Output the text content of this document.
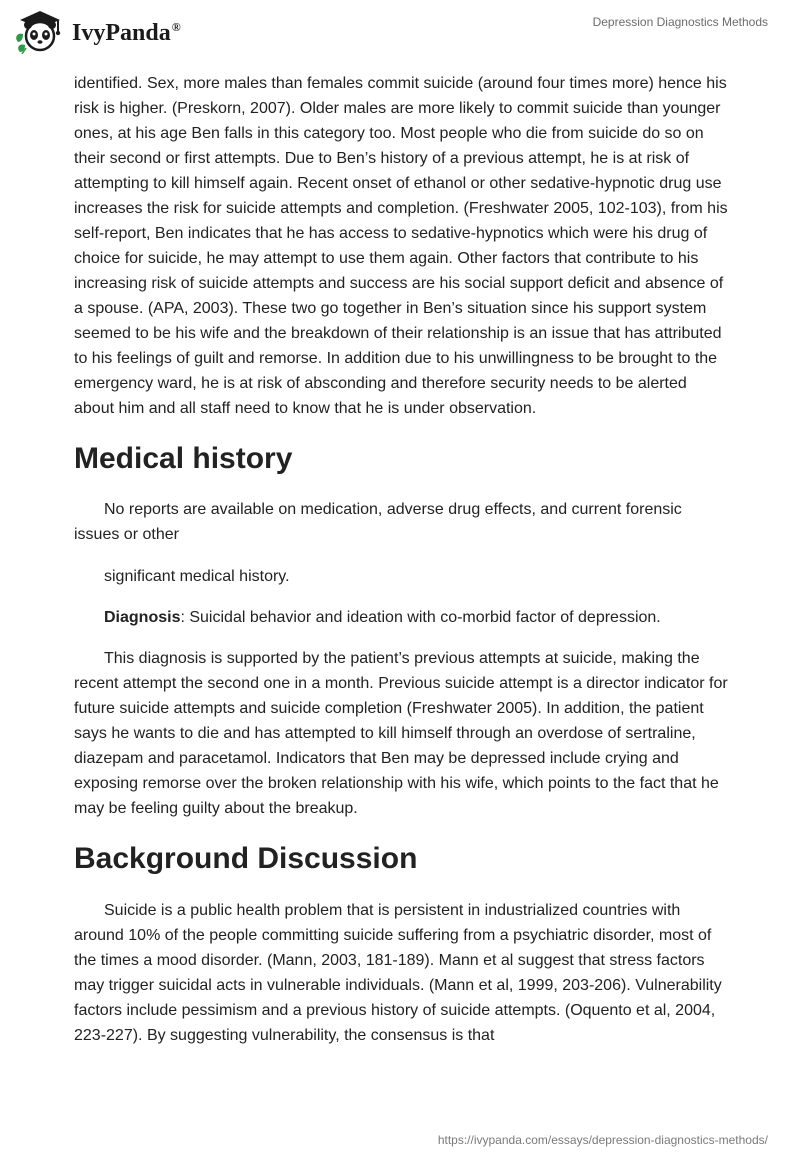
IvyPanda®	Depression Diagnostics Methods

identified. Sex, more males than females commit suicide (around four times more) hence his risk is higher. (Preskorn, 2007). Older males are more likely to commit suicide than younger ones, at his age Ben falls in this category too. Most people who die from suicide do so on their second or first attempts. Due to Ben’s history of a previous attempt, he is at risk of attempting to kill himself again. Recent onset of ethanol or other sedative-hypnotic drug use increases the risk for suicide attempts and completion. (Freshwater 2005, 102-103), from his self-report, Ben indicates that he has access to sedative-hypnotics which were his drug of choice for suicide, he may attempt to use them again. Other factors that contribute to his increasing risk of suicide attempts and success are his social support deficit and absence of a spouse. (APA, 2003). These two go together in Ben’s situation since his support system seemed to be his wife and the breakdown of their relationship is an issue that has attributed to his feelings of guilt and remorse. In addition due to his unwillingness to be brought to the emergency ward, he is at risk of absconding and therefore security needs to be alerted about him and all staff need to know that he is under observation.

Medical history

No reports are available on medication, adverse drug effects, and current forensic issues or other

significant medical history.

Diagnosis: Suicidal behavior and ideation with co-morbid factor of depression.

This diagnosis is supported by the patient’s previous attempts at suicide, making the recent attempt the second one in a month. Previous suicide attempt is a director indicator for future suicide attempts and suicide completion (Freshwater 2005). In addition, the patient says he wants to die and has attempted to kill himself through an overdose of sertraline, diazepam and paracetamol. Indicators that Ben may be depressed include crying and exposing remorse over the broken relationship with his wife, which points to the fact that he may be feeling guilty about the breakup.

Background Discussion

Suicide is a public health problem that is persistent in industrialized countries with around 10% of the people committing suicide suffering from a psychiatric disorder, most of the times a mood disorder. (Mann, 2003, 181-189). Mann et al suggest that stress factors may trigger suicidal acts in vulnerable individuals. (Mann et al, 1999, 203-206). Vulnerability factors include pessimism and a previous history of suicide attempts. (Oquento et al, 2004, 223-227). By suggesting vulnerability, the consensus is that

https://ivypanda.com/essays/depression-diagnostics-methods/
